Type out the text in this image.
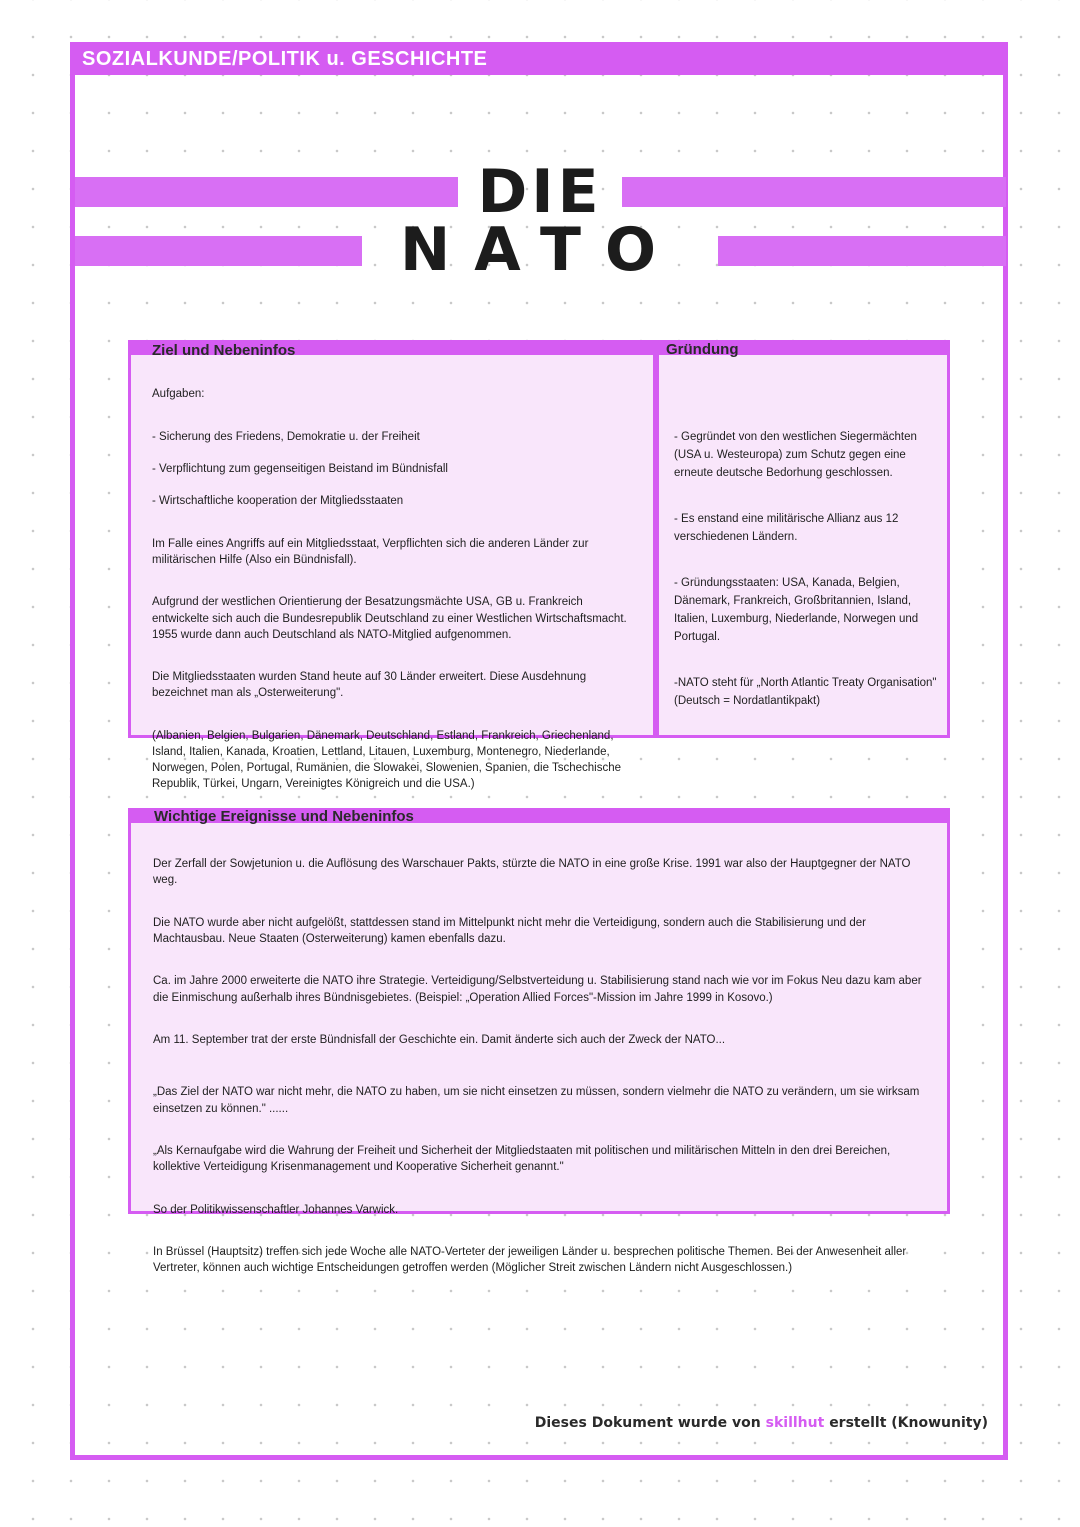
SOZIALKUNDE/POLITIK u. GESCHICHTE
DIE
NATO
Ziel und Nebeninfos

Aufgaben:

- Sicherung des Friedens, Demokratie u. der Freiheit

- Verpflichtung zum gegenseitigen Beistand im Bündnisfall

- Wirtschaftliche kooperation der Mitgliedsstaaten

Im Falle eines Angriffs auf ein Mitgliedsstaat, Verpflichten sich die anderen Länder zur militärischen Hilfe (Also ein Bündnisfall).

Aufgrund der westlichen Orientierung der Besatzungsmächte USA, GB u. Frankreich entwickelte sich auch die Bundesrepublik Deutschland zu einer Westlichen Wirtschaftsmacht. 1955 wurde dann auch Deutschland als NATO-Mitglied aufgenommen.

Die Mitgliedsstaaten wurden Stand heute auf 30 Länder erweitert. Diese Ausdehnung bezeichnet man als „Osterweiterung".

(Albanien, Belgien, Bulgarien, Dänemark, Deutschland, Estland, Frankreich, Griechenland, Island, Italien, Kanada, Kroatien, Lettland, Litauen, Luxemburg, Montenegro, Niederlande, Norwegen, Polen, Portugal, Rumänien, die Slowakei, Slowenien, Spanien, die Tschechische Republik, Türkei, Ungarn, Vereinigtes Königreich und die USA.)

Gründung

- Gegründet von den westlichen Siegermächten (USA u. Westeuropa) zum Schutz gegen eine erneute deutsche Bedorhung geschlossen.

- Es enstand eine militärische Allianz aus 12 verschiedenen Ländern.

- Gründungsstaaten: USA, Kanada, Belgien, Dänemark, Frankreich, Großbritannien, Island, Italien, Luxemburg, Niederlande, Norwegen und Portugal.

-NATO steht für „North Atlantic Treaty Organisation" (Deutsch = Nordatlantikpakt)

Wichtige Ereignisse und Nebeninfos

Der Zerfall der Sowjetunion u. die Auflösung des Warschauer Pakts, stürzte die NATO in eine große Krise. 1991 war also der Hauptgegner der NATO weg.

Die NATO wurde aber nicht aufgelößt, stattdessen stand im Mittelpunkt nicht mehr die Verteidigung, sondern auch die Stabilisierung und der Machtausbau. Neue Staaten (Osterweiterung) kamen ebenfalls dazu.

Ca. im Jahre 2000 erweiterte die NATO ihre Strategie. Verteidigung/Selbstverteidung u. Stabilisierung stand nach wie vor im Fokus Neu dazu kam aber die Einmischung außerhalb ihres Bündnisgebietes. (Beispiel: „Operation Allied Forces"-Mission im Jahre 1999 in Kosovo.)

Am 11. September trat der erste Bündnisfall der Geschichte ein. Damit änderte sich auch der Zweck der NATO...

„Das Ziel der NATO war nicht mehr, die NATO zu haben, um sie nicht einsetzen zu müssen, sondern vielmehr die NATO zu verändern, um sie wirksam einsetzen zu können." ......

„Als Kernaufgabe wird die Wahrung der Freiheit und Sicherheit der Mitgliedstaaten mit politischen und militärischen Mitteln in den drei Bereichen, kollektive Verteidigung Krisenmanagement und Kooperative Sicherheit genannt."

So der Politikwissenschaftler Johannes Varwick.

In Brüssel (Hauptsitz) treffen sich jede Woche alle NATO-Verteter der jeweiligen Länder u. besprechen politische Themen. Bei der Anwesenheit aller Vertreter, können auch wichtige Entscheidungen getroffen werden (Möglicher Streit zwischen Ländern nicht Ausgeschlossen.)

Dieses Dokument wurde von skillhut erstellt (Knowunity)
